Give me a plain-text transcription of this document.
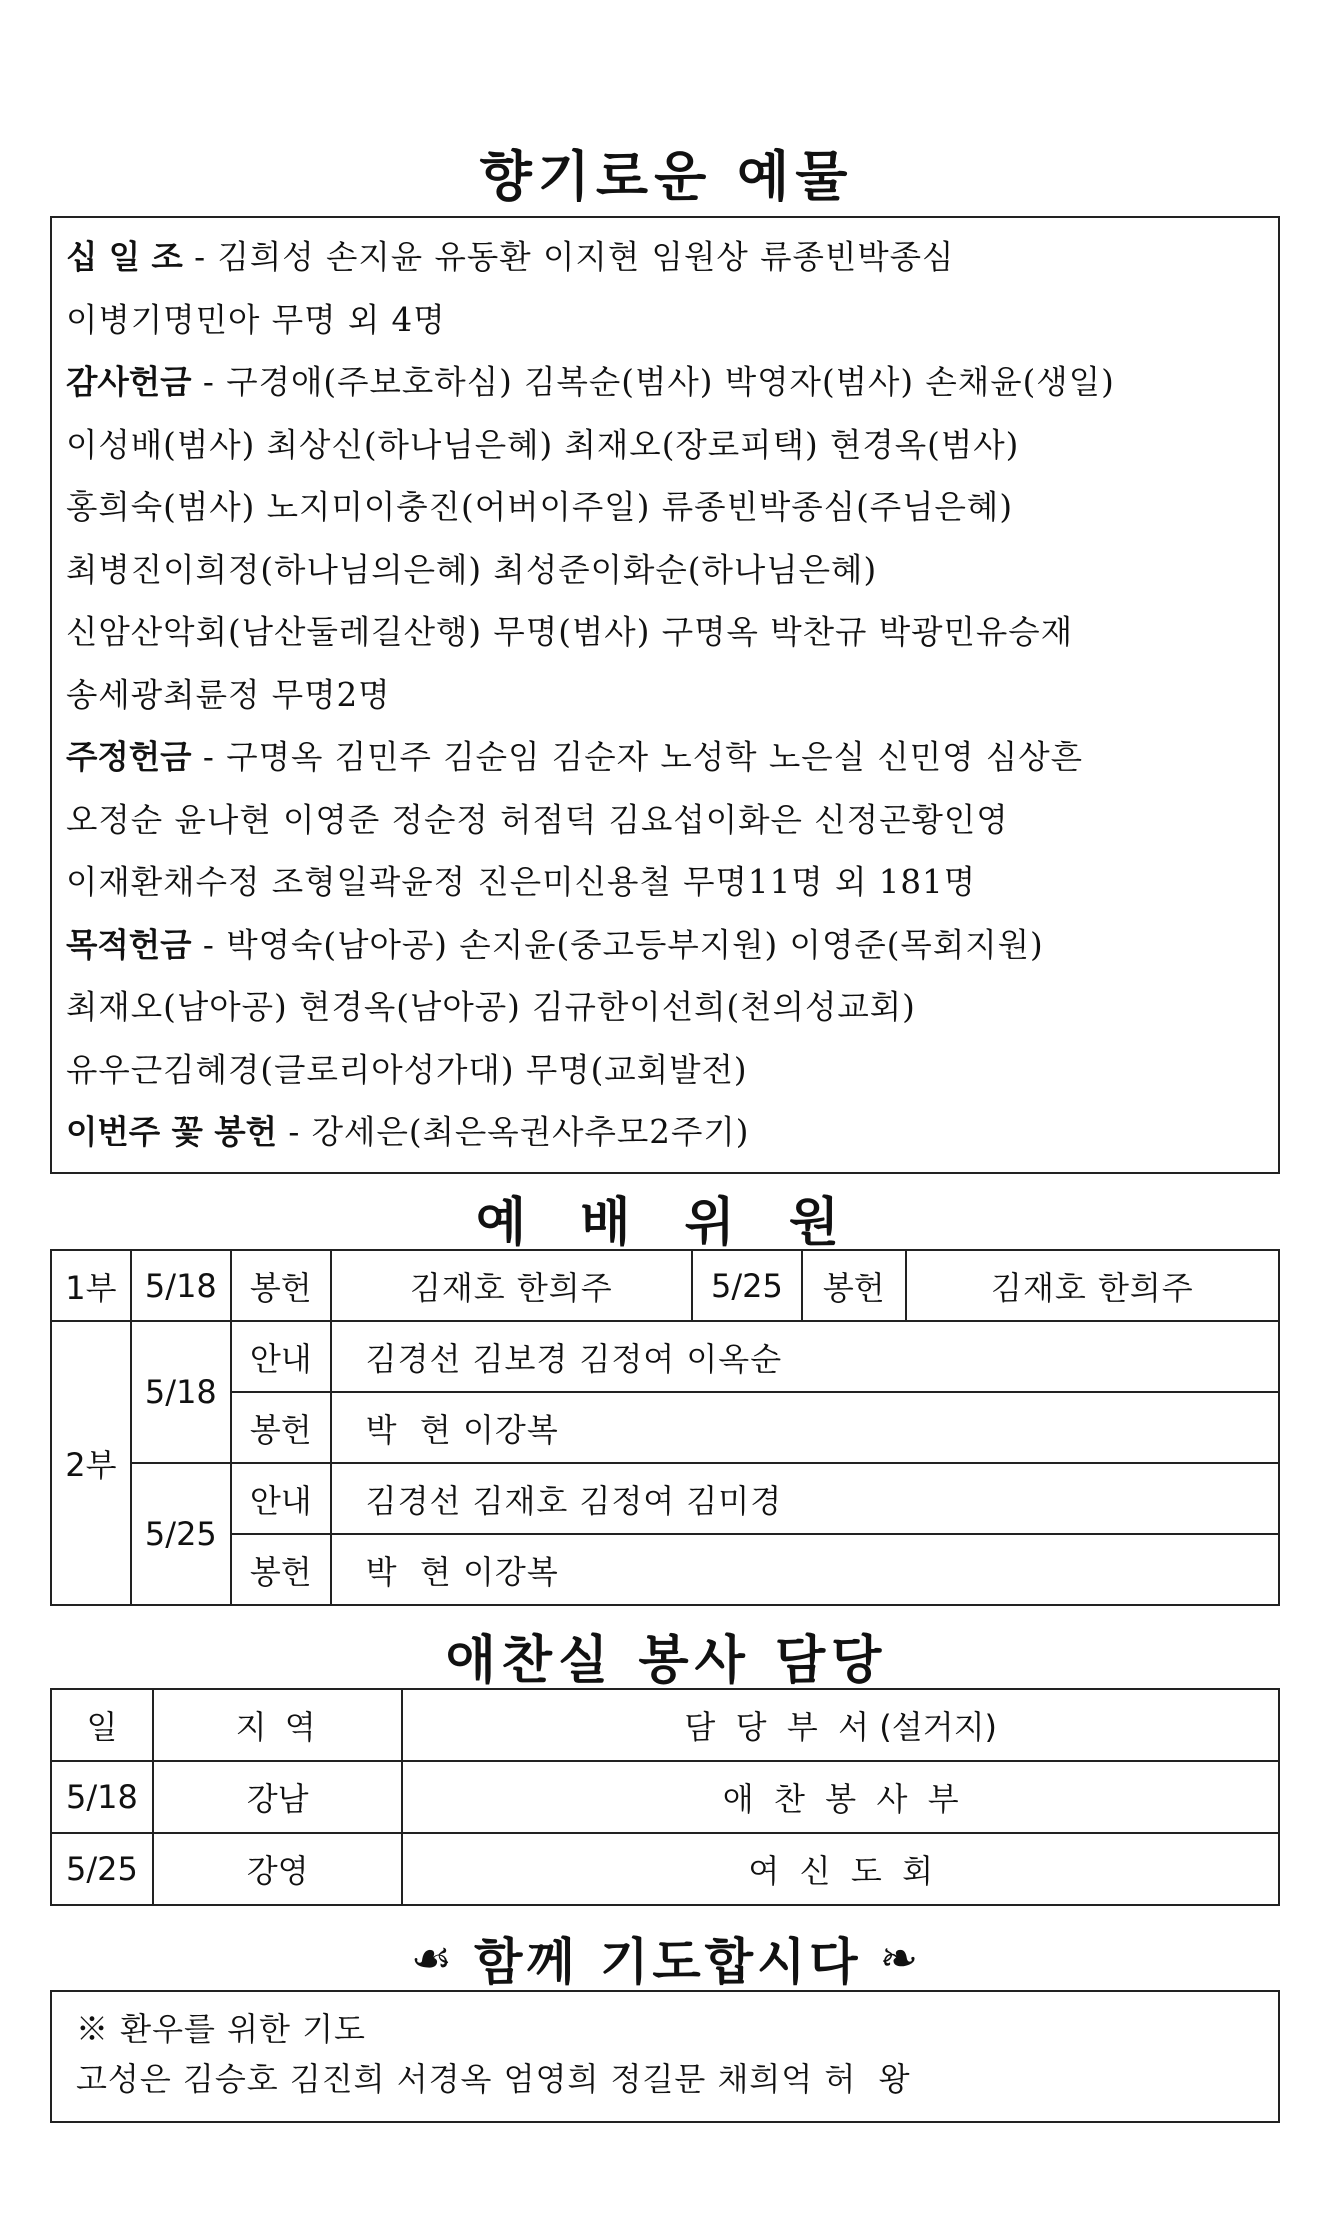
향기로운 예물
십 일 조 - 김희성 손지윤 유동환 이지현 임원상 류종빈박종심
이병기명민아 무명 외 4명
감사헌금 - 구경애(주보호하심) 김복순(범사) 박영자(범사) 손채윤(생일)
이성배(범사) 최상신(하나님은혜) 최재오(장로피택) 현경옥(범사)
홍희숙(범사) 노지미이충진(어버이주일) 류종빈박종심(주님은혜)
최병진이희정(하나님의은혜) 최성준이화순(하나님은혜)
신암산악회(남산둘레길산행) 무명(범사) 구명옥 박찬규 박광민유승재
송세광최륜정 무명2명
주정헌금 - 구명옥 김민주 김순임 김순자 노성학 노은실 신민영 심상흔
오정순 윤나현 이영준 정순정 허점덕 김요섭이화은 신정곤황인영
이재환채수정 조형일곽윤정 진은미신용철 무명11명 외 181명
목적헌금 - 박영숙(남아공) 손지윤(중고등부지원) 이영준(목회지원)
최재오(남아공) 현경옥(남아공) 김규한이선희(천의성교회)
유우근김혜경(글로리아성가대) 무명(교회발전)
이번주 꽃 봉헌 - 강세은(최은옥권사추모2주기)
예 배 위 원
1부	5/18	봉헌	김재호 한희주	5/25	봉헌	김재호 한희주
2부	5/18	안내	김경선 김보경 김정여 이옥순			
		봉헌	박  현 이강복			
	5/25	안내	김경선 김재호 김정여 김미경			
		봉헌	박  현 이강복			
애찬실 봉사 담당
일	지 역	담  당  부  서 (설거지)
5/18	강남	애  찬  봉  사  부
5/25	강영	여  신  도  회
☙ 함께 기도합시다 ❧
※ 환우를 위한 기도
고성은 김승호 김진희 서경옥 엄영희 정길문 채희억 허  왕
